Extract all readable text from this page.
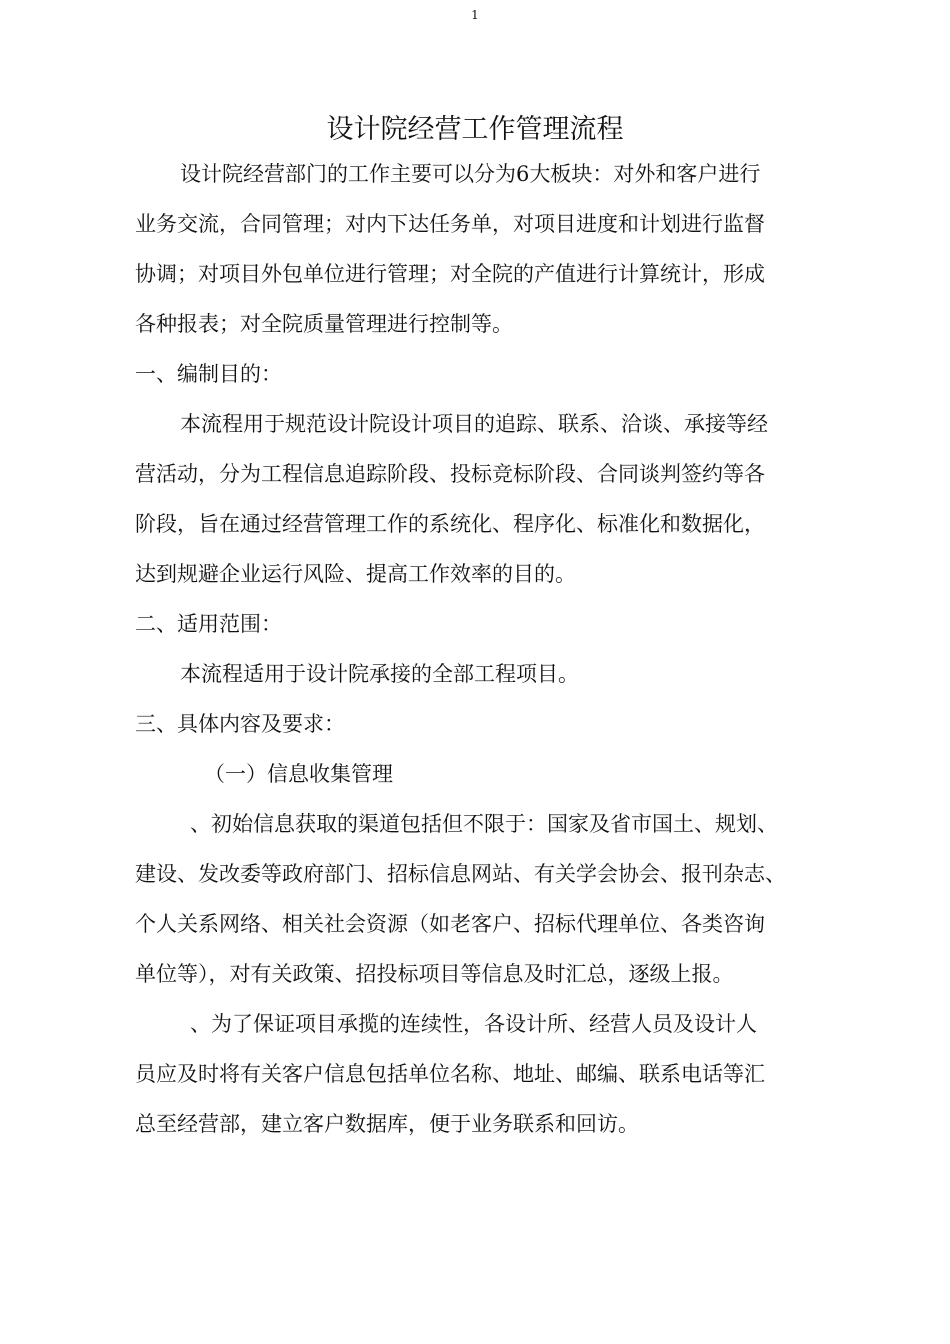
1
设计院经营工作管理流程

设计院经营部门的工作主要可以分为6大板块：对外和客户进行

业务交流，合同管理；对内下达任务单，对项目进度和计划进行监督

协调；对项目外包单位进行管理；对全院的产值进行计算统计，形成

各种报表；对全院质量管理进行控制等。

一、编制目的：

本流程用于规范设计院设计项目的追踪、联系、洽谈、承接等经

营活动，分为工程信息追踪阶段、投标竞标阶段、合同谈判签约等各

阶段，旨在通过经营管理工作的系统化、程序化、标准化和数据化，

达到规避企业运行风险、提高工作效率的目的。

二、适用范围：

本流程适用于设计院承接的全部工程项目。

三、具体内容及要求：

（一）信息收集管理

、初始信息获取的渠道包括但不限于：国家及省市国土、规划、

建设、发改委等政府部门、招标信息网站、有关学会协会、报刊杂志、

个人关系网络、相关社会资源（如老客户、招标代理单位、各类咨询

单位等），对有关政策、招投标项目等信息及时汇总，逐级上报。

、为了保证项目承揽的连续性，各设计所、经营人员及设计人

员应及时将有关客户信息包括单位名称、地址、邮编、联系电话等汇

总至经营部，建立客户数据库，便于业务联系和回访。
